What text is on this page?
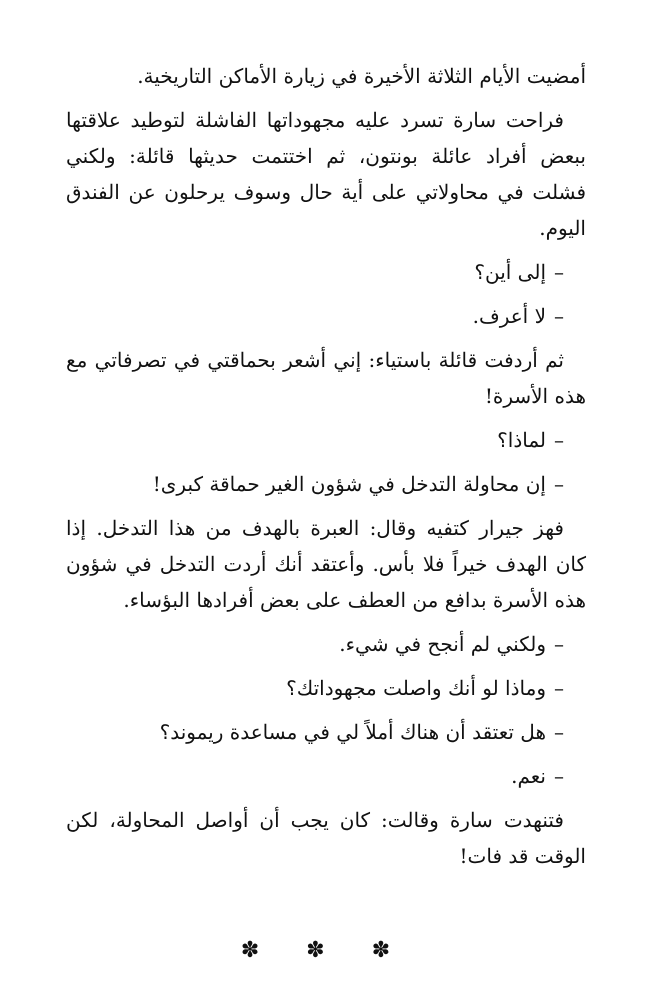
أمضيت الأيام الثلاثة الأخيرة في زيارة الأماكن التاريخية.

فراحت سارة تسرد عليه مجهوداتها الفاشلة لتوطيد علاقتها ببعض أفراد عائلة بونتون، ثم اختتمت حديثها قائلة: ولكني فشلت في محاولاتي على أية حال وسوف يرحلون عن الفندق اليوم.

–إلى أين؟

–لا أعرف.

ثم أردفت قائلة باستياء: إني أشعر بحماقتي في تصرفاتي مع هذه الأسرة!

–لماذا؟

–إن محاولة التدخل في شؤون الغير حماقة كبرى!

فهز جيرار كتفيه وقال: العبرة بالهدف من هذا التدخل. إذا كان الهدف خيراً فلا بأس. وأعتقد أنك أردت التدخل في شؤون هذه الأسرة بدافع من العطف على بعض أفرادها البؤساء.

–ولكني لم أنجح في شيء.

–وماذا لو أنك واصلت مجهوداتك؟

–هل تعتقد أن هناك أملاً لي في مساعدة ريموند؟

–نعم.

فتنهدت سارة وقالت: كان يجب أن أواصل المحاولة، لكن الوقت قد فات!

✽ ✽ ✽
